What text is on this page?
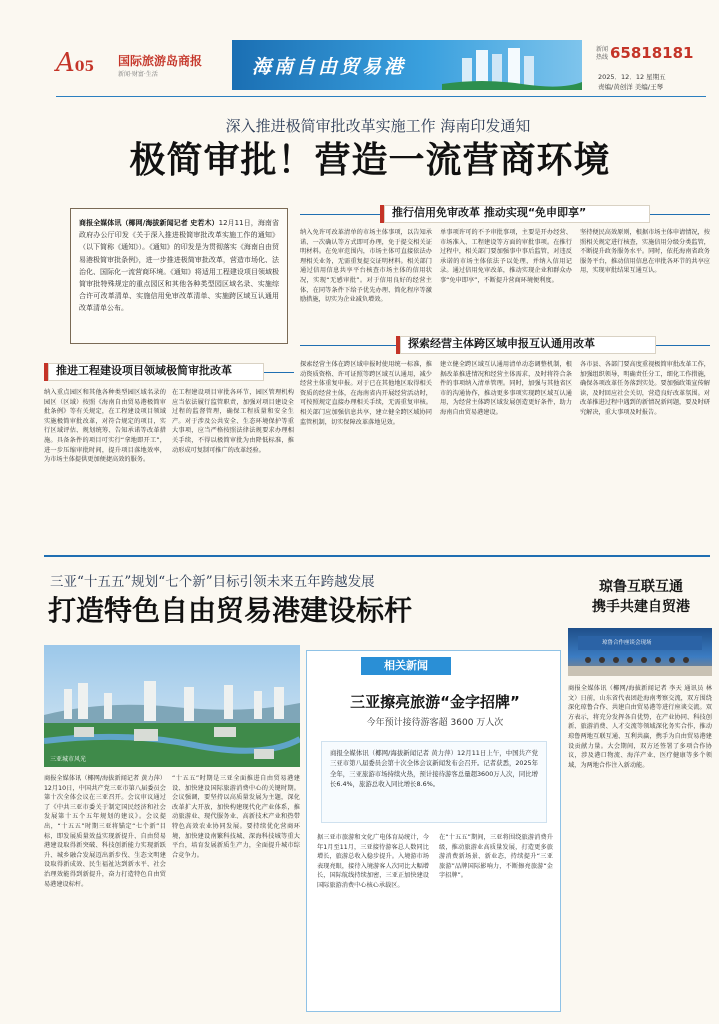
A05	国际旅游岛商报
新闻·财富·生活	海南自由贸易港
新闻
热线 65818181
2025．12．12 星期五
责编/黄创洋 美编/王琴
深入推进极简审批改革实施工作 海南印发通知
极简审批！营造一流营商环境
商报全媒体讯（椰网/海拔新闻记者 史若木）12月11日，海南省政府办公厅印发《关于深入推进极简审批改革实施工作的通知》（以下简称《通知》）。《通知》的印发是为贯彻落实《海南自由贸易港极简审批条例》，进一步推进极简审批改革，营造市场化、法治化、国际化一流营商环境。《通知》将适用工程建设项目领域极简审批特殊规定的重点园区和其他各种类型园区域名录、实施综合许可改革清单、实施信用免审改革清单、实施跨区域互认通用改革清单公布。
推行信用免审改革 推动实现“免申即享”
纳入免许可改革清单的市场主体事项，以告知承诺、一次确认等方式即可办理，免于提交相关证明材料。在免审范围内，市场主体可直接依法办理相关业务，无需重复提交证明材料。相关部门通过信用信息共享平台核查市场主体的信用状况，实现“无感审批”。对于信用良好的经营主体，在同等条件下给予优先办理、简化程序等激励措施，切实为企业减负增效。
单事项许可的不予审批事项，主要是开办经营、市场准入、工程建设等方面的审批事项。在推行过程中，相关部门要加强事中事后监管，对违反承诺的市场主体依法予以处理，并纳入信用记录。通过信用免审改革，推动实现企业和群众办事“免申即享”，不断提升营商环境便利度。
坚持便民高效原则，根据市场主体申请情况，按照相关规定进行核查，实施信用分级分类监管，不断提升政务服务水平。同时，依托海南省政务服务平台，推动信用信息在审批各环节的共享应用，实现审批结果互通互认。
探索经营主体跨区域申报互认通用改革
探索经营主体在跨区域申报时使用统一标准，推动资质资格、许可证照等跨区域互认通用，减少经营主体重复申报。对于已在其他地区取得相关资质的经营主体，在海南省内开展经营活动时，可按照规定直接办理相关手续，无需重复审核。相关部门应加强信息共享，建立健全跨区域协同监管机制，切实保障改革落地见效。
建立健全跨区域互认通用清单动态调整机制，根据改革推进情况和经营主体需求，及时将符合条件的事项纳入清单管理。同时，加强与其他省区市的沟通协作，推动更多事项实现跨区域互认通用，为经营主体跨区域发展创造更好条件，助力海南自由贸易港建设。
各市县、各部门要高度重视极简审批改革工作，加强组织领导，明确责任分工，细化工作措施，确保各项改革任务落到实处。要加强政策宣传解读，及时回应社会关切，营造良好改革氛围。对改革推进过程中遇到的新情况新问题，要及时研究解决，重大事项及时报告。
推进工程建设项目领域极简审批改革
纳入重点园区和其他各种类型园区域名录的园区（区域）按照《海南自由贸易港极简审批条例》等有关规定，在工程建设项目领域实施极简审批改革，对符合规定的项目，实行区域评估、规划统筹、告知承诺等改革措施。具备条件的项目可实行“拿地即开工”，进一步压缩审批时间，提升项目落地效率，为市场主体提供更加便捷高效的服务。
在工程建设项目审批各环节，园区管理机构应当依法履行监管职责，加强对项目建设全过程的监督管理，确保工程质量和安全生产。对于涉及公共安全、生态环境保护等重大事项，应当严格按照法律法规要求办理相关手续，不得以极简审批为由降低标准，推动形成可复制可推广的改革经验。
三亚“十五五”规划“七个新”目标引领未来五年跨越发展
打造特色自由贸易港建设标杆
三亚城市风光
商报全媒体讯（椰网/海拔新闻记者 黄力萍）12月10日，中国共产党三亚市第八届委员会第十次全体会议在三亚召开。会议审议通过了《中共三亚市委关于制定国民经济和社会发展第十五个五年规划的建议》。会议提出，“十五五”时期三亚将锚定“七个新”目标，即发展质量效益实现新提升、自由贸易港建设取得新突破、科技创新能力实现新跃升、城乡融合发展迈出新步伐、生态文明建设取得新成效、民生福祉达到新水平、社会治理效能得到新提升，奋力打造特色自由贸易港建设标杆。
“十五五”时期是三亚全面推进自由贸易港建设、加快建设国际旅游消费中心的关键时期。会议强调，要坚持以高质量发展为主题，深化改革扩大开放，加快构建现代化产业体系，推动旅游业、现代服务业、高新技术产业和热带特色高效农业协同发展。要持续优化营商环境，加快建设南繁科技城、深海科技城等重大平台，培育发展新质生产力，全面提升城市综合竞争力。
相关新闻
三亚擦亮旅游“金字招牌”
今年预计接待游客超 3600 万人次
商报全媒体讯（椰网/海拔新闻记者 黄力萍）12月11日上午，中国共产党三亚市第八届委员会第十次全体会议新闻发布会召开。记者获悉，2025年全年，三亚旅游市场持续火热，预计接待游客总量超3600万人次，同比增长6.4%，旅游总收入同比增长8.6%。
据三亚市旅游和文化广电体育局统计，今年1月至11月，三亚接待游客总人数同比增长，旅游总收入稳步提升。入境游市场表现亮眼，接待入境游客人次同比大幅增长，国际航线持续加密，三亚正加快建设国际旅游消费中心核心承载区。
在“十五五”期间，三亚将围绕旅游消费升级，推动旅游业高质量发展，打造更多旅游消费新场景、新业态，持续提升“三亚旅游”品牌国际影响力，不断擦亮旅游“金字招牌”。
琼鲁互联互通
携手共建自贸港
琼鲁合作座谈会现场
商报全媒体讯（椰网/海拔新闻记者 李天 通讯员 林文）日前，山东省代表团赴海南考察交流，双方围绕深化琼鲁合作、共建自由贸易港等进行座谈交流。双方表示，将充分发挥各自优势，在产业协同、科技创新、旅游消费、人才交流等领域深化务实合作，推动琼鲁两地互联互通、互利共赢，携手为自由贸易港建设贡献力量。大会期间，双方还签署了多项合作协议，涉及港口物流、海洋产业、医疗健康等多个领域，为两地合作注入新动能。
